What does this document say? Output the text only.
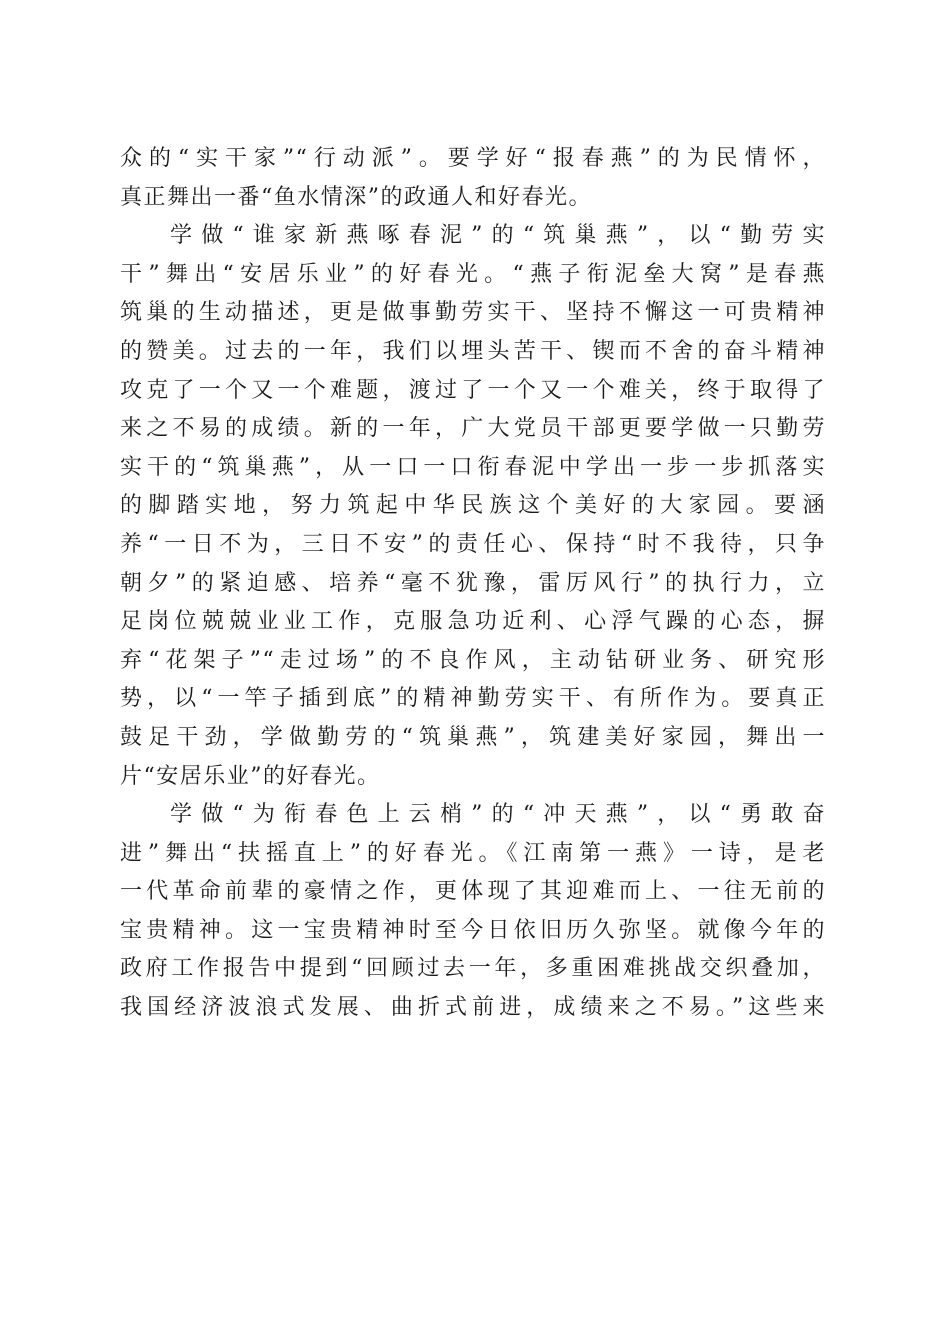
众的“实干家”“行动派”。要学好“报春燕”的为民情怀，
真正舞出一番“鱼水情深”的政通人和好春光。
学做“谁家新燕啄春泥”的“筑巢燕”，以“勤劳实
干”舞出“安居乐业”的好春光。“燕子衔泥垒大窝”是春燕
筑巢的生动描述，更是做事勤劳实干、坚持不懈这一可贵精神
的赞美。过去的一年，我们以埋头苦干、锲而不舍的奋斗精神
攻克了一个又一个难题，渡过了一个又一个难关，终于取得了
来之不易的成绩。新的一年，广大党员干部更要学做一只勤劳
实干的“筑巢燕”，从一口一口衔春泥中学出一步一步抓落实
的脚踏实地，努力筑起中华民族这个美好的大家园。要涵
养“一日不为，三日不安”的责任心、保持“时不我待，只争
朝夕”的紧迫感、培养“毫不犹豫，雷厉风行”的执行力，立
足岗位兢兢业业工作，克服急功近利、心浮气躁的心态，摒
弃“花架子”“走过场”的不良作风，主动钻研业务、研究形
势，以“一竿子插到底”的精神勤劳实干、有所作为。要真正
鼓足干劲，学做勤劳的“筑巢燕”，筑建美好家园，舞出一
片“安居乐业”的好春光。
学做“为衔春色上云梢”的“冲天燕”，以“勇敢奋
进”舞出“扶摇直上”的好春光。《江南第一燕》一诗，是老
一代革命前辈的豪情之作，更体现了其迎难而上、一往无前的
宝贵精神。这一宝贵精神时至今日依旧历久弥坚。就像今年的
政府工作报告中提到“回顾过去一年，多重困难挑战交织叠加，
我国经济波浪式发展、曲折式前进，成绩来之不易。”这些来
